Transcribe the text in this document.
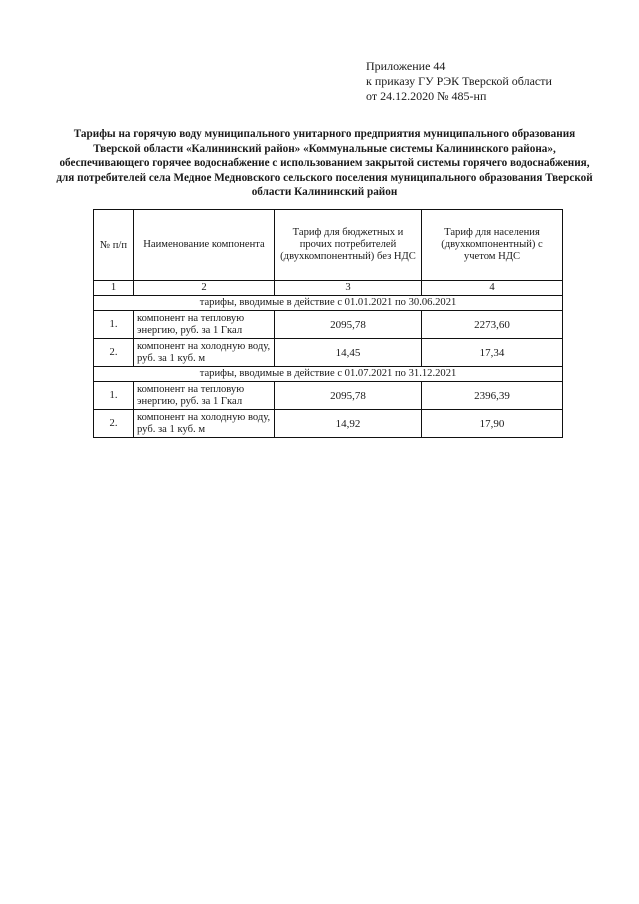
Приложение 44
к приказу ГУ РЭК Тверской области
от 24.12.2020 № 485-нп
Тарифы на горячую воду муниципального унитарного предприятия муниципального образования Тверской области «Калининский район» «Коммунальные системы Калининского района», обеспечивающего горячее водоснабжение с использованием закрытой системы горячего водоснабжения, для потребителей села Медное Медновского сельского поселения муниципального образования Тверской области Калининский район
№ п/п	Наименование компонента	Тариф для бюджетных и прочих потребителей (двухкомпонентный) без НДС	Тариф для населения (двухкомпонентный) с учетом НДС
1	2	3	4
тарифы, вводимые в действие с 01.01.2021 по 30.06.2021			
1.	компонент на тепловую энергию, руб. за 1 Гкал	2095,78	2273,60
2.	компонент на холодную воду, руб. за 1 куб. м	14,45	17,34
тарифы, вводимые в действие с 01.07.2021 по 31.12.2021			
1.	компонент на тепловую энергию, руб. за 1 Гкал	2095,78	2396,39
2.	компонент на холодную воду, руб. за 1 куб. м	14,92	17,90
